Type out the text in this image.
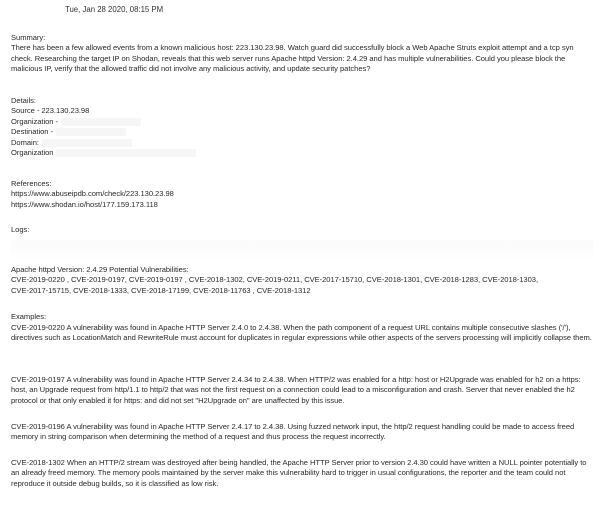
Tue, Jan 28 2020, 08:15 PM
Summary:
There has been a few allowed events from a known malicious host: 223.130.23.98. Watch guard did successfully block a Web Apache Struts exploit attempt and a tcp syn check. Researching the target IP on Shodan, reveals that this web server runs Apache httpd Version: 2.4.29 and has multiple vulnerabilities. Could you please block the malicious IP, verify that the allowed traffic did not involve any malicious activity, and update security patches?
Details:
Source - 223.130.23.98
Organization -
Destination -
Domain:
Organization
References:
https://www.abuseipdb.com/check/223.130.23.98
https://www.shodan.io/host/177.159.173.118
Logs:
Apache httpd Version: 2.4.29 Potential Vulnerabilities:
CVE-2019-0220 , CVE-2019-0197, CVE-2019-0197 , CVE-2018-1302, CVE-2019-0211, CVE-2017-15710, CVE-2018-1301, CVE-2018-1283, CVE-2018-1303,
CVE-2017-15715, CVE-2018-1333, CVE-2018-17199, CVE-2018-11763 , CVE-2018-1312
Examples:
CVE-2019-0220 A vulnerability was found in Apache HTTP Server 2.4.0 to 2.4.38. When the path component of a request URL contains multiple consecutive slashes ('/'), directives such as LocationMatch and RewriteRule must account for duplicates in regular expressions while other aspects of the servers processing will implicitly collapse them.
CVE-2019-0197 A vulnerability was found in Apache HTTP Server 2.4.34 to 2.4.38. When HTTP/2 was enabled for a http: host or H2Upgrade was enabled for h2 on a https: host, an Upgrade request from http/1.1 to http/2 that was not the first request on a connection could lead to a misconfiguration and crash. Server that never enabled the h2 protocol or that only enabled it for https: and did not set "H2Upgrade on" are unaffected by this issue.
CVE-2019-0196 A vulnerability was found in Apache HTTP Server 2.4.17 to 2.4.38. Using fuzzed network input, the http/2 request handling could be made to access freed memory in string comparison when determining the method of a request and thus process the request incorrectly.
CVE-2018-1302 When an HTTP/2 stream was destroyed after being handled, the Apache HTTP Server prior to version 2.4.30 could have written a NULL pointer potentially to an already freed memory. The memory pools maintained by the server make this vulnerability hard to trigger in usual configurations, the reporter and the team could not reproduce it outside debug builds, so it is classified as low risk.
